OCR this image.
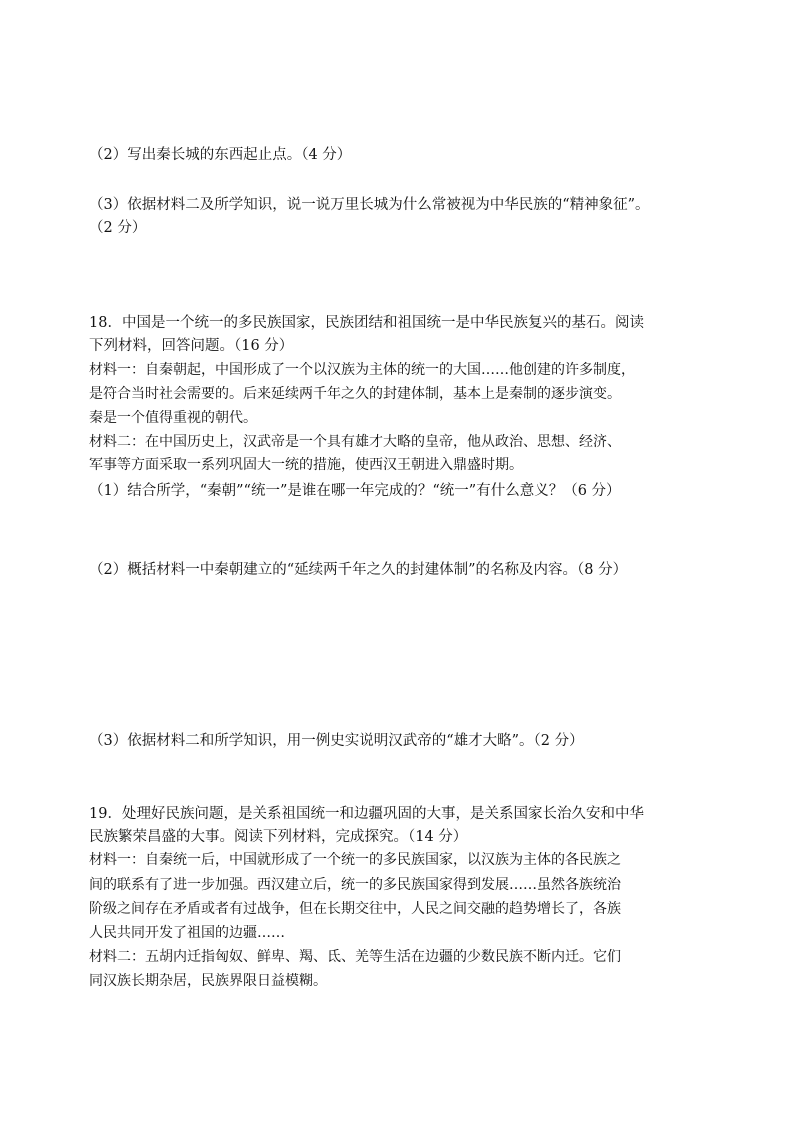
（2）写出秦长城的东西起止点。（4 分）

（3）依据材料二及所学知识，说一说万里长城为什么常被视为中华民族的“精神象征”。

（2 分）

18．中国是一个统一的多民族国家，民族团结和祖国统一是中华民族复兴的基石。阅读

下列材料，回答问题。（16 分）

材料一：自秦朝起，中国形成了一个以汉族为主体的统一的大国……他创建的许多制度，

是符合当时社会需要的。后来延续两千年之久的封建体制，基本上是秦制的逐步演变。

秦是一个值得重视的朝代。

材料二：在中国历史上，汉武帝是一个具有雄才大略的皇帝，他从政治、思想、经济、

军事等方面采取一系列巩固大一统的措施，使西汉王朝进入鼎盛时期。

（1）结合所学，“秦朝”“统一”是谁在哪一年完成的？“统一”有什么意义？（6 分）

（2）概括材料一中秦朝建立的“延续两千年之久的封建体制”的名称及内容。（8 分）

（3）依据材料二和所学知识，用一例史实说明汉武帝的“雄才大略”。（2 分）

19．处理好民族问题，是关系祖国统一和边疆巩固的大事，是关系国家长治久安和中华

民族繁荣昌盛的大事。阅读下列材料，完成探究。（14 分）

材料一：自秦统一后，中国就形成了一个统一的多民族国家，以汉族为主体的各民族之

间的联系有了进一步加强。西汉建立后，统一的多民族国家得到发展……虽然各族统治

阶级之间存在矛盾或者有过战争，但在长期交往中，人民之间交融的趋势增长了，各族

人民共同开发了祖国的边疆……

材料二：五胡内迁指匈奴、鲜卑、羯、氐、羌等生活在边疆的少数民族不断内迁。它们

同汉族长期杂居，民族界限日益模糊。
